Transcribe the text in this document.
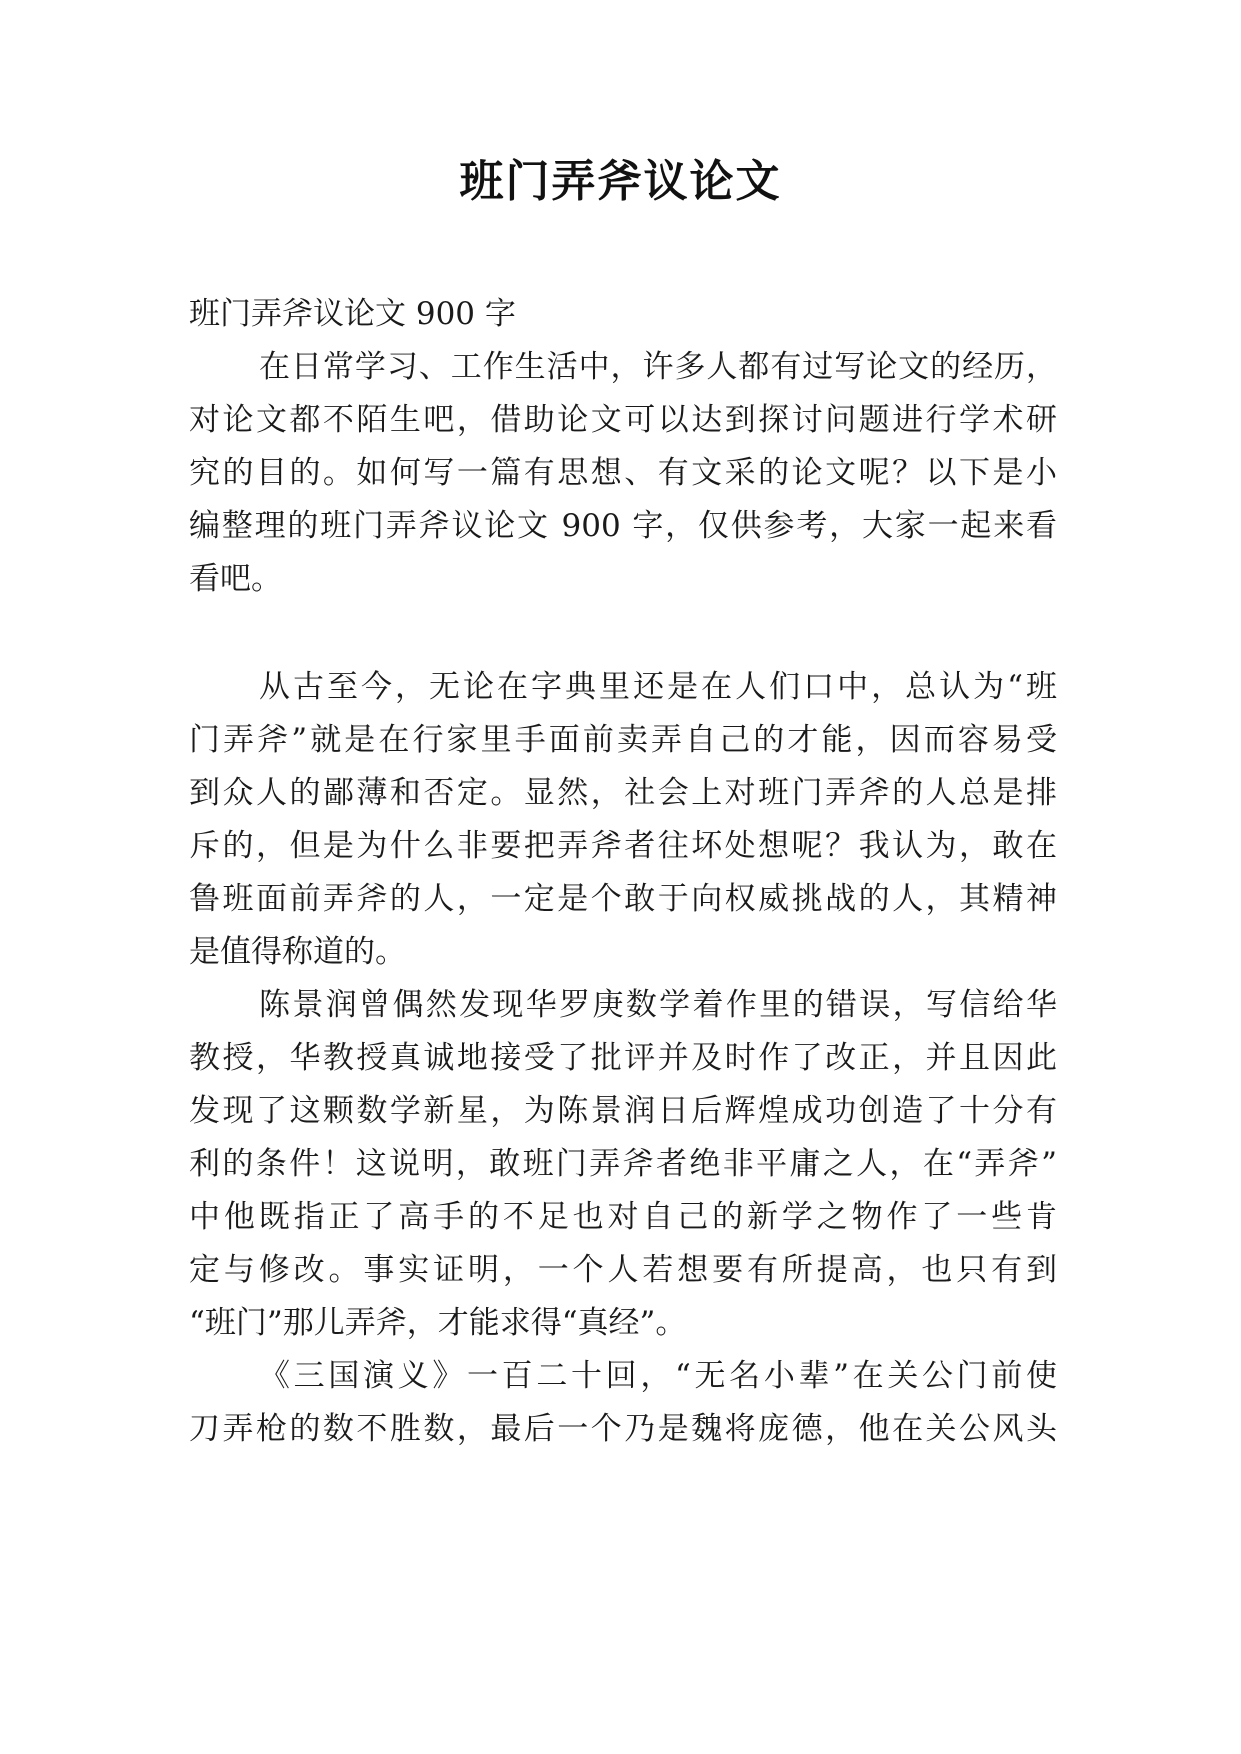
班门弄斧议论文
班门弄斧议论文 900 字
在日常学习、工作生活中，许多人都有过写论文的经历，
对论文都不陌生吧，借助论文可以达到探讨问题进行学术研
究的目的。如何写一篇有思想、有文采的论文呢？以下是小
编整理的班门弄斧议论文 900 字，仅供参考，大家一起来看
看吧。
从古至今，无论在字典里还是在人们口中，总认为“班
门弄斧”就是在行家里手面前卖弄自己的才能，因而容易受
到众人的鄙薄和否定。显然，社会上对班门弄斧的人总是排
斥的，但是为什么非要把弄斧者往坏处想呢？我认为，敢在
鲁班面前弄斧的人，一定是个敢于向权威挑战的人，其精神
是值得称道的。
陈景润曾偶然发现华罗庚数学着作里的错误，写信给华
教授，华教授真诚地接受了批评并及时作了改正，并且因此
发现了这颗数学新星，为陈景润日后辉煌成功创造了十分有
利的条件！这说明，敢班门弄斧者绝非平庸之人，在“弄斧”
中他既指正了高手的不足也对自己的新学之物作了一些肯
定与修改。事实证明，一个人若想要有所提高，也只有到
“班门”那儿弄斧，才能求得“真经”。
《三国演义》一百二十回，“无名小辈”在关公门前使
刀弄枪的数不胜数，最后一个乃是魏将庞德，他在关公风头
